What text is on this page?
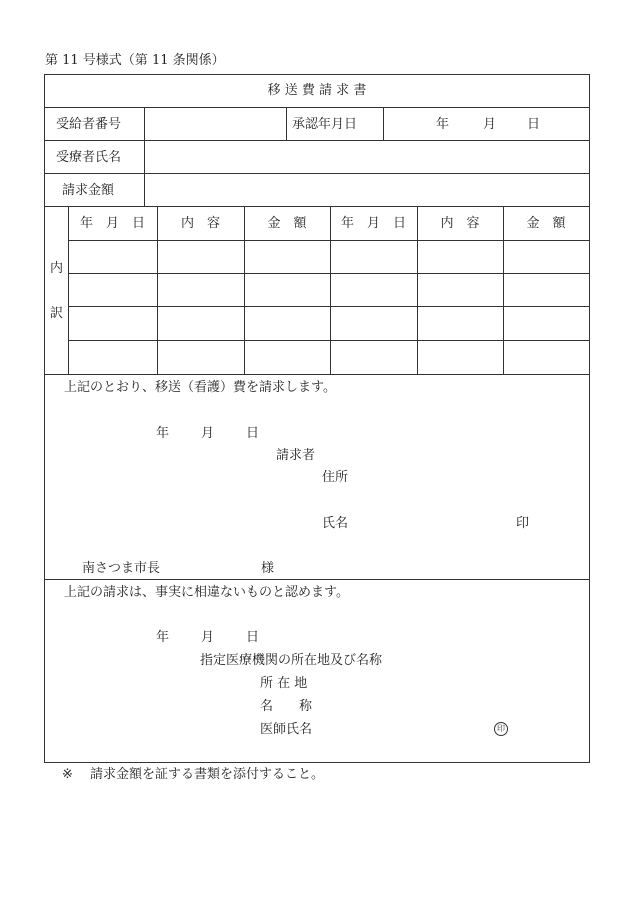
第 11 号様式（第 11 条関係）
移 送 費 請 求 書
受給者番号	承認年月日	年	月 日
受療者氏名
請求金額
内
訳
年　月　日	内　容	金　額	年　月　日	内　容	金　額
上記のとおり、移送（看護）費を請求します。
年 月 日
請求者
住所
氏名	印
南さつま市長	様
上記の請求は、事実に相違ないものと認めます。
年 月 日
指定医療機関の所在地及び名称
所 在 地
名　　称
医師氏名	印
※ 請求金額を証する書類を添付すること。
